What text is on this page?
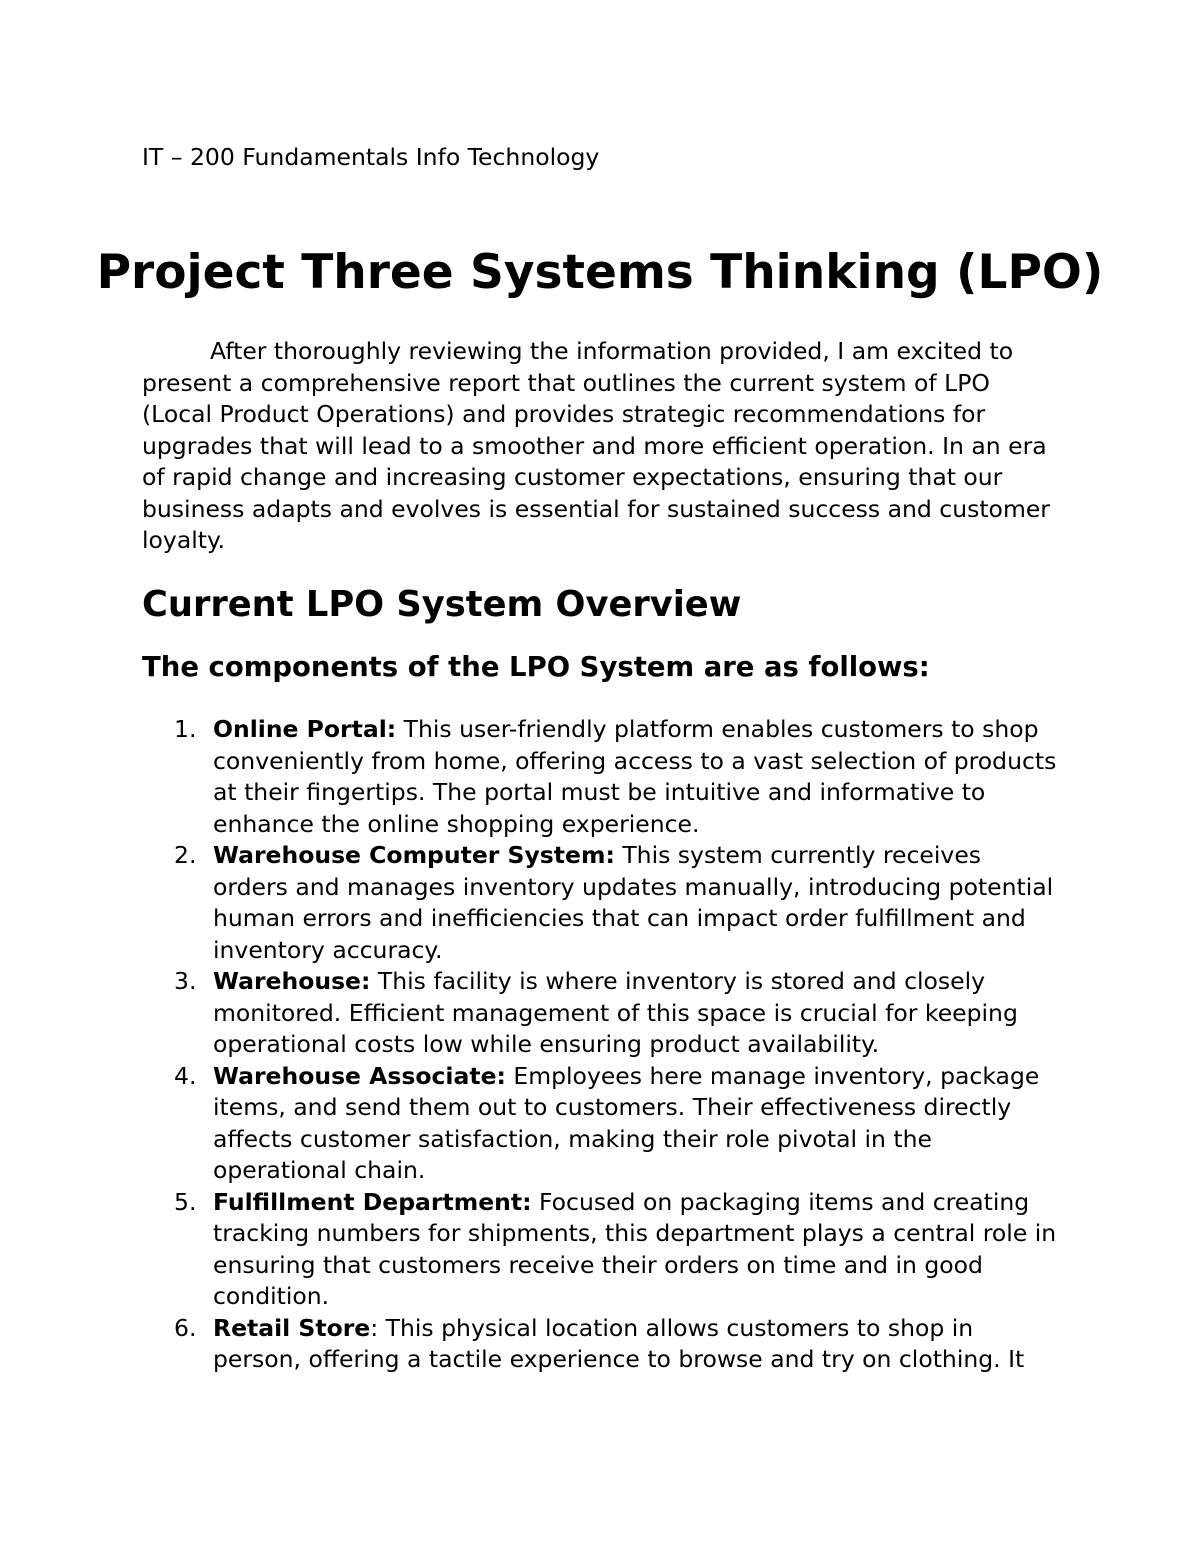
IT – 200 Fundamentals Info Technology

Project Three Systems Thinking (LPO)

After thoroughly reviewing the information provided, I am excited to
present a comprehensive report that outlines the current system of LPO
(Local Product Operations) and provides strategic recommendations for
upgrades that will lead to a smoother and more efficient operation. In an era
of rapid change and increasing customer expectations, ensuring that our
business adapts and evolves is essential for sustained success and customer
loyalty.

Current LPO System Overview
The components of the LPO System are as follows:
1. Online Portal: This user-friendly platform enables customers to shop
conveniently from home, offering access to a vast selection of products
at their fingertips. The portal must be intuitive and informative to
enhance the online shopping experience.
2. Warehouse Computer System: This system currently receives
orders and manages inventory updates manually, introducing potential
human errors and inefficiencies that can impact order fulfillment and
inventory accuracy.
3. Warehouse: This facility is where inventory is stored and closely
monitored. Efficient management of this space is crucial for keeping
operational costs low while ensuring product availability.
4. Warehouse Associate: Employees here manage inventory, package
items, and send them out to customers. Their effectiveness directly
affects customer satisfaction, making their role pivotal in the
operational chain.
5. Fulfillment Department: Focused on packaging items and creating
tracking numbers for shipments, this department plays a central role in
ensuring that customers receive their orders on time and in good
condition.
6. Retail Store: This physical location allows customers to shop in
person, offering a tactile experience to browse and try on clothing. It
